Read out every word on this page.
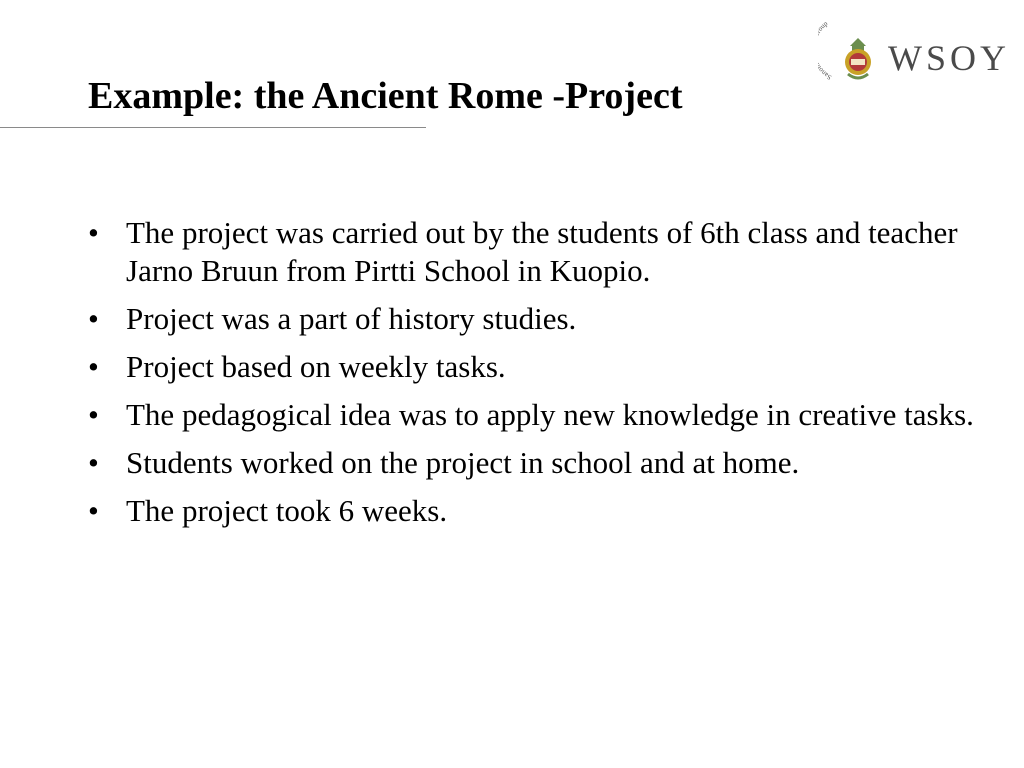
Example: the Ancient Rome -Project	San up
WSOY
• The project was carried out by the students of 6th class and teacher Jarno Bruun from Pirtti School in Kuopio.
• Project was a part of history studies.
• Project based on weekly tasks.
• The pedagogical idea was to apply new knowledge in creative tasks.
• Students worked on the project in school and at home.
• The project took 6 weeks.
